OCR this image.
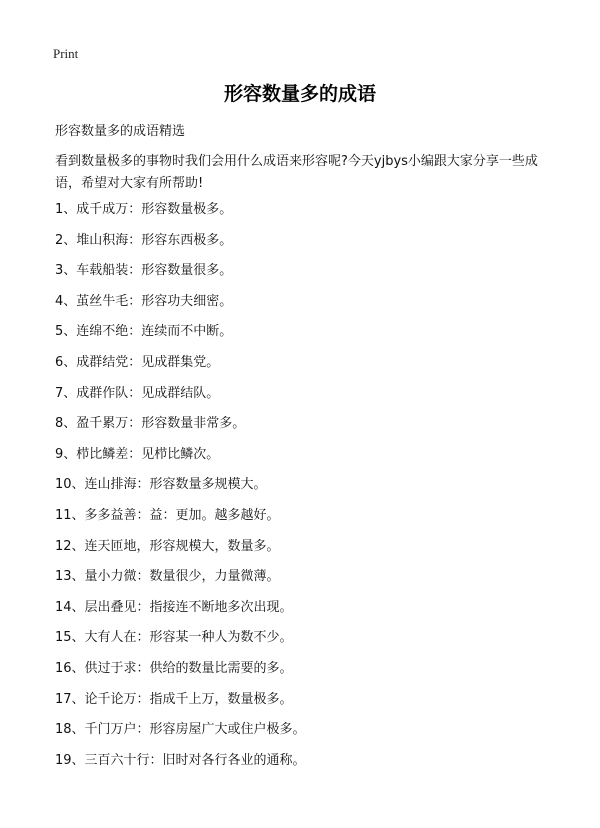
Print
形容数量多的成语
形容数量多的成语精选

看到数量极多的事物时我们会用什么成语来形容呢?今天yjbys小编跟大家分享一些成语，希望对大家有所帮助!

1、成千成万：形容数量极多。
2、堆山积海：形容东西极多。
3、车载船装：形容数量很多。
4、茧丝牛毛：形容功夫细密。
5、连绵不绝：连续而不中断。
6、成群结党：见成群集党。
7、成群作队：见成群结队。
8、盈千累万：形容数量非常多。
9、栉比鳞差：见栉比鳞次。
10、连山排海：形容数量多规模大。
11、多多益善：益：更加。越多越好。
12、连天匝地，形容规模大，数量多。
13、量小力微：数量很少，力量微薄。
14、层出叠见：指接连不断地多次出现。
15、大有人在：形容某一种人为数不少。
16、供过于求：供给的数量比需要的多。
17、论千论万：指成千上万，数量极多。
18、千门万户：形容房屋广大或住户极多。
19、三百六十行：旧时对各行各业的通称。
